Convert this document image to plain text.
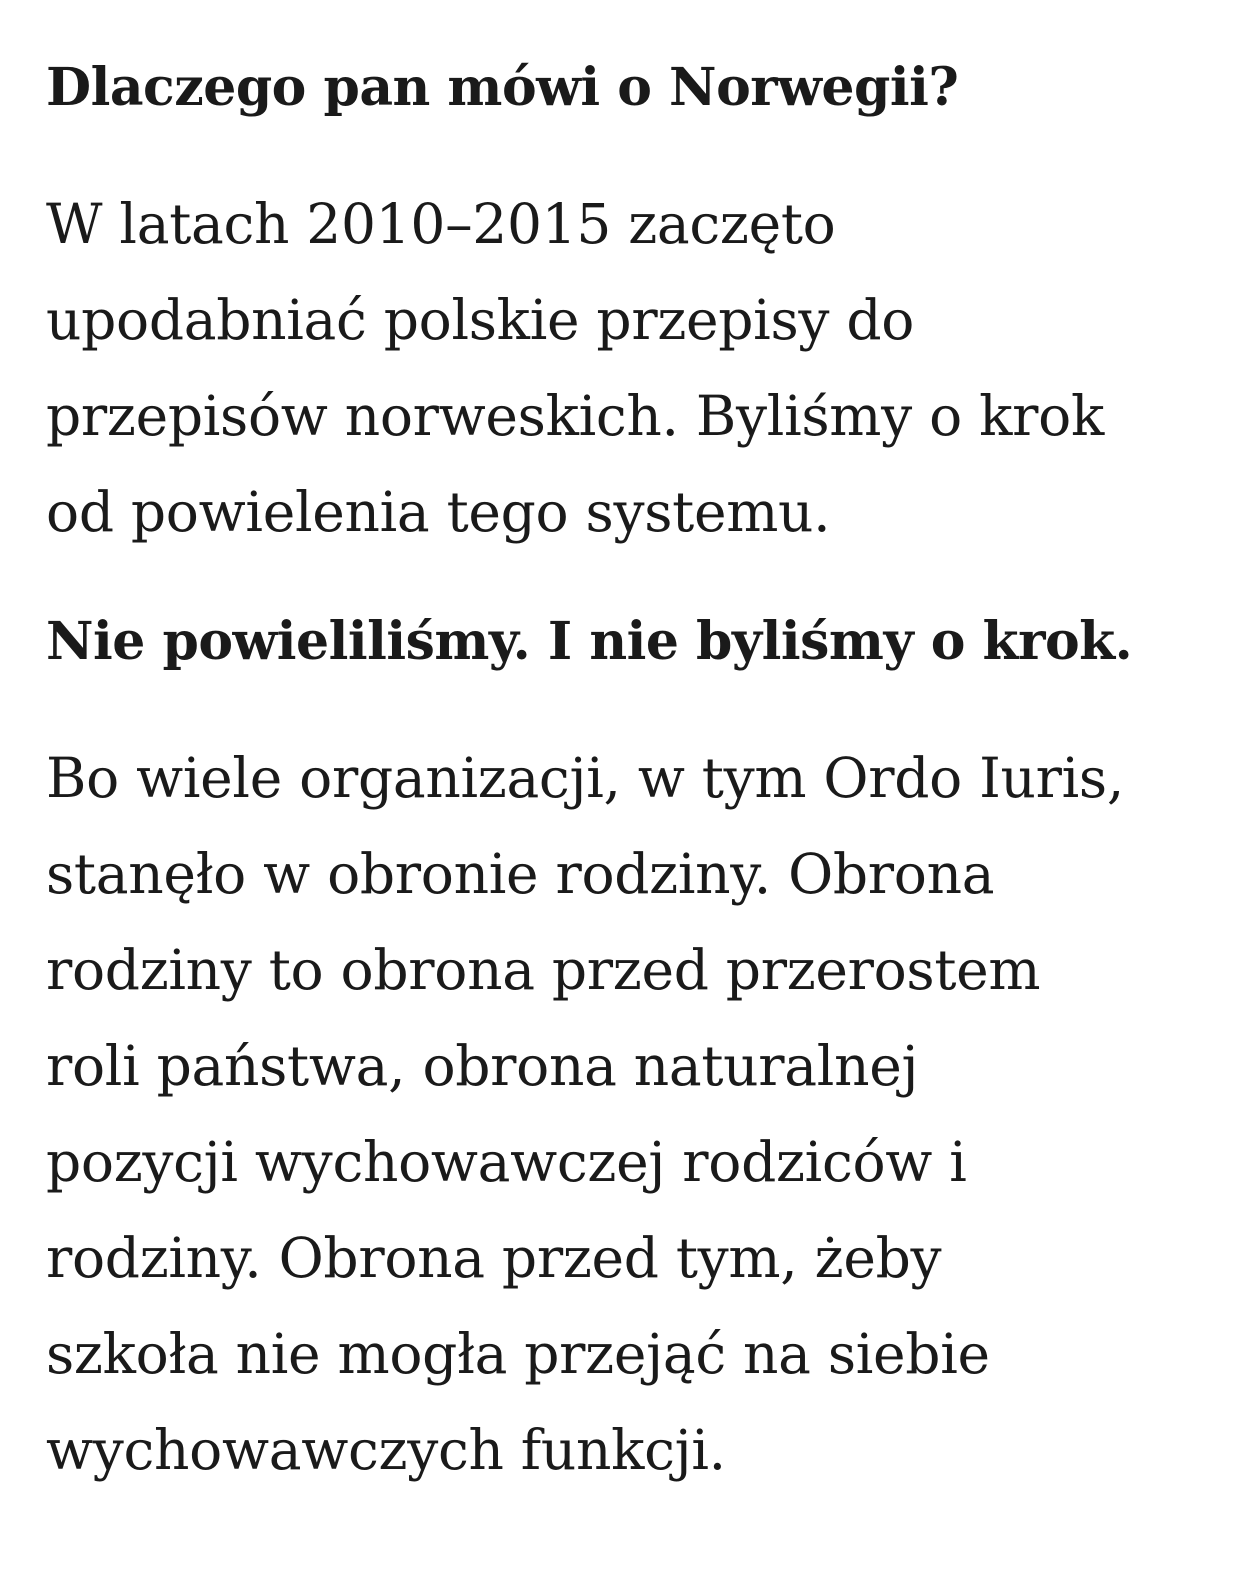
Dlaczego pan mówi o Norwegii?
W latach 2010–2015 zaczęto
upodabniać polskie przepisy do
przepisów norweskich. Byliśmy o krok
od powielenia tego systemu.
Nie powieliliśmy. I nie byliśmy o krok.
Bo wiele organizacji, w tym Ordo Iuris,
stanęło w obronie rodziny. Obrona
rodziny to obrona przed przerostem
roli państwa, obrona naturalnej
pozycji wychowawczej rodziców i
rodziny. Obrona przed tym, żeby
szkoła nie mogła przejąć na siebie
wychowawczych funkcji.
